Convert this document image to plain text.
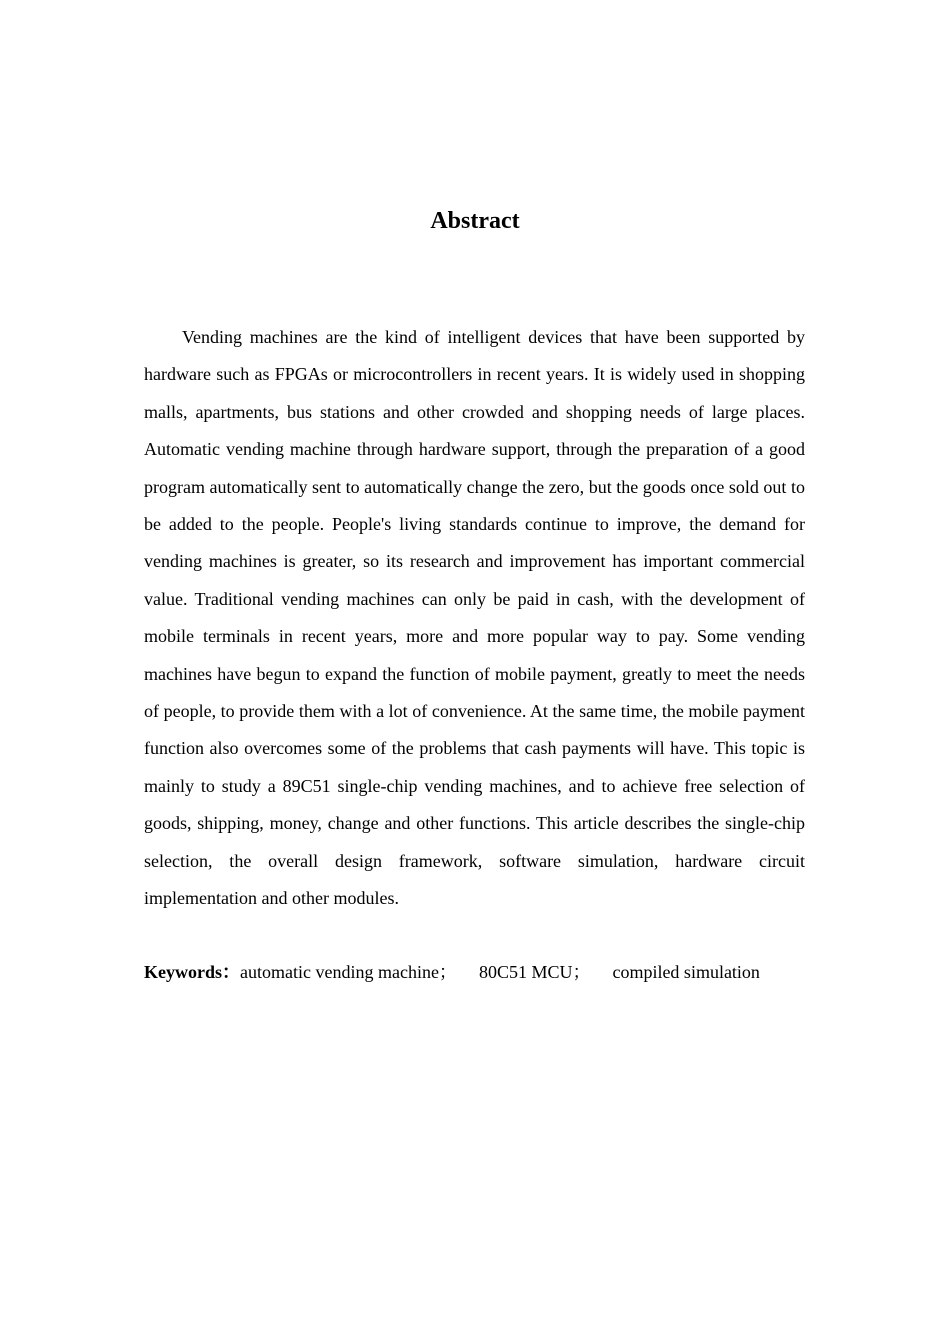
Abstract

Vending machines are the kind of intelligent devices that have been supported by hardware such as FPGAs or microcontrollers in recent years. It is widely used in shopping malls, apartments, bus stations and other crowded and shopping needs of large places. Automatic vending machine through hardware support, through the preparation of a good program automatically sent to automatically change the zero, but the goods once sold out to be added to the people. People's living standards continue to improve, the demand for vending machines is greater, so its research and improvement has important commercial value. Traditional vending machines can only be paid in cash, with the development of mobile terminals in recent years, more and more popular way to pay. Some vending machines have begun to expand the function of mobile payment, greatly to meet the needs of people, to provide them with a lot of convenience. At the same time, the mobile payment function also overcomes some of the problems that cash payments will have. This topic is mainly to study a 89C51 single-chip vending machines, and to achieve free selection of goods, shipping, money, change and other functions. This article describes the single-chip selection, the overall design framework, software simulation, hardware circuit implementation and other modules.

Keywords：automatic vending machine； 80C51 MCU； compiled simulation
